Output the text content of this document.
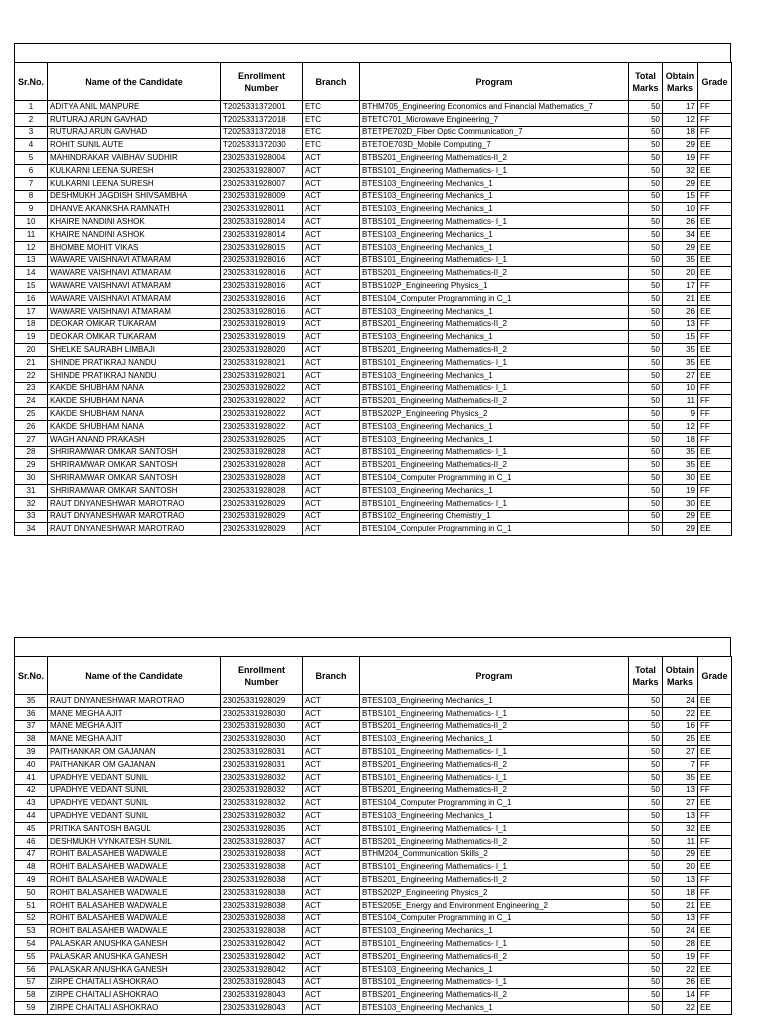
Sr.No.	Name of the Candidate	Enrollment Number	Branch	Program	Total Marks	Obtain Marks	Grade
1	ADITYA ANIL MANPURE	T2025331372001	ETC	BTHM705_Engineering Economics and Financial Mathematics_7	50	17	FF
2	RUTURAJ ARUN GAVHAD	T2025331372018	ETC	BTETC701_Microwave Engineering_7	50	12	FF
3	RUTURAJ ARUN GAVHAD	T2025331372018	ETC	BTETPE702D_Fiber Optic Communication_7	50	18	FF
4	ROHIT SUNIL AUTE	T2025331372030	ETC	BTETOE703D_Mobile Computing_7	50	29	EE
5	MAHINDRAKAR VAIBHAV SUDHIR	23025331928004	ACT	BTBS201_Engineering Mathematics-II_2	50	19	FF
6	KULKARNI LEENA SURESH	23025331928007	ACT	BTBS101_Engineering Mathematics- I_1	50	32	EE
7	KULKARNI LEENA SURESH	23025331928007	ACT	BTES103_Engineering Mechanics_1	50	29	EE
8	DESHMUKH JAGDISH SHIVSAMBHA	23025331928009	ACT	BTES103_Engineering Mechanics_1	50	15	FF
9	DHANVE AKANKSHA RAMNATH	23025331928011	ACT	BTES103_Engineering Mechanics_1	50	10	FF
10	KHAIRE NANDINI ASHOK	23025331928014	ACT	BTBS101_Engineering Mathematics- I_1	50	26	EE
11	KHAIRE NANDINI ASHOK	23025331928014	ACT	BTES103_Engineering Mechanics_1	50	34	EE
12	BHOMBE MOHIT VIKAS	23025331928015	ACT	BTES103_Engineering Mechanics_1	50	29	EE
13	WAWARE VAISHNAVI ATMARAM	23025331928016	ACT	BTBS101_Engineering Mathematics- I_1	50	35	EE
14	WAWARE VAISHNAVI ATMARAM	23025331928016	ACT	BTBS201_Engineering Mathematics-II_2	50	20	EE
15	WAWARE VAISHNAVI ATMARAM	23025331928016	ACT	BTBS102P_Engineering Physics_1	50	17	FF
16	WAWARE VAISHNAVI ATMARAM	23025331928016	ACT	BTES104_Computer Programming in C_1	50	21	EE
17	WAWARE VAISHNAVI ATMARAM	23025331928016	ACT	BTES103_Engineering Mechanics_1	50	26	EE
18	DEOKAR OMKAR TUKARAM	23025331928019	ACT	BTBS201_Engineering Mathematics-II_2	50	13	FF
19	DEOKAR OMKAR TUKARAM	23025331928019	ACT	BTES103_Engineering Mechanics_1	50	15	FF
20	SHELKE SAURABH LIMBAJI	23025331928020	ACT	BTBS201_Engineering Mathematics-II_2	50	35	EE
21	SHINDE PRATIKRAJ NANDU	23025331928021	ACT	BTBS101_Engineering Mathematics- I_1	50	35	EE
22	SHINDE PRATIKRAJ NANDU	23025331928021	ACT	BTES103_Engineering Mechanics_1	50	27	EE
23	KAKDE SHUBHAM NANA	23025331928022	ACT	BTBS101_Engineering Mathematics- I_1	50	10	FF
24	KAKDE SHUBHAM NANA	23025331928022	ACT	BTBS201_Engineering Mathematics-II_2	50	11	FF
25	KAKDE SHUBHAM NANA	23025331928022	ACT	BTBS202P_Engineering Physics_2	50	9	FF
26	KAKDE SHUBHAM NANA	23025331928022	ACT	BTES103_Engineering Mechanics_1	50	12	FF
27	WAGH ANAND PRAKASH	23025331928025	ACT	BTES103_Engineering Mechanics_1	50	18	FF
28	SHRIRAMWAR OMKAR SANTOSH	23025331928028	ACT	BTBS101_Engineering Mathematics- I_1	50	35	EE
29	SHRIRAMWAR OMKAR SANTOSH	23025331928028	ACT	BTBS201_Engineering Mathematics-II_2	50	35	EE
30	SHRIRAMWAR OMKAR SANTOSH	23025331928028	ACT	BTES104_Computer Programming in C_1	50	30	EE
31	SHRIRAMWAR OMKAR SANTOSH	23025331928028	ACT	BTES103_Engineering Mechanics_1	50	19	FF
32	RAUT DNYANESHWAR MAROTRAO	23025331928029	ACT	BTBS101_Engineering Mathematics- I_1	50	30	EE
33	RAUT DNYANESHWAR MAROTRAO	23025331928029	ACT	BTBS102_Engineering Chemistry_1	50	29	EE
34	RAUT DNYANESHWAR MAROTRAO	23025331928029	ACT	BTES104_Computer Programming in C_1	50	29	EE
Sr.No.	Name of the Candidate	Enrollment Number	Branch	Program	Total Marks	Obtain Marks	Grade
35	RAUT DNYANESHWAR MAROTRAO	23025331928029	ACT	BTES103_Engineering Mechanics_1	50	24	EE
36	MANE MEGHA AJIT	23025331928030	ACT	BTBS101_Engineering Mathematics- I_1	50	22	EE
37	MANE MEGHA AJIT	23025331928030	ACT	BTBS201_Engineering Mathematics-II_2	50	16	FF
38	MANE MEGHA AJIT	23025331928030	ACT	BTES103_Engineering Mechanics_1	50	25	EE
39	PAITHANKAR OM GAJANAN	23025331928031	ACT	BTBS101_Engineering Mathematics- I_1	50	27	EE
40	PAITHANKAR OM GAJANAN	23025331928031	ACT	BTBS201_Engineering Mathematics-II_2	50	7	FF
41	UPADHYE VEDANT SUNIL	23025331928032	ACT	BTBS101_Engineering Mathematics- I_1	50	35	EE
42	UPADHYE VEDANT SUNIL	23025331928032	ACT	BTBS201_Engineering Mathematics-II_2	50	13	FF
43	UPADHYE VEDANT SUNIL	23025331928032	ACT	BTES104_Computer Programming in C_1	50	27	EE
44	UPADHYE VEDANT SUNIL	23025331928032	ACT	BTES103_Engineering Mechanics_1	50	13	FF
45	PRITIKA SANTOSH BAGUL	23025331928035	ACT	BTBS101_Engineering Mathematics- I_1	50	32	EE
46	DESHMUKH VYNKATESH SUNIL	23025331928037	ACT	BTBS201_Engineering Mathematics-II_2	50	11	FF
47	ROHIT BALASAHEB WADWALE	23025331928038	ACT	BTHM204_Communication Skills_2	50	29	EE
48	ROHIT BALASAHEB WADWALE	23025331928038	ACT	BTBS101_Engineering Mathematics- I_1	50	20	EE
49	ROHIT BALASAHEB WADWALE	23025331928038	ACT	BTBS201_Engineering Mathematics-II_2	50	13	FF
50	ROHIT BALASAHEB WADWALE	23025331928038	ACT	BTBS202P_Engineering Physics_2	50	18	FF
51	ROHIT BALASAHEB WADWALE	23025331928038	ACT	BTES205E_Energy and Environment Engineering_2	50	21	EE
52	ROHIT BALASAHEB WADWALE	23025331928038	ACT	BTES104_Computer Programming in C_1	50	13	FF
53	ROHIT BALASAHEB WADWALE	23025331928038	ACT	BTES103_Engineering Mechanics_1	50	24	EE
54	PALASKAR ANUSHKA GANESH	23025331928042	ACT	BTBS101_Engineering Mathematics- I_1	50	28	EE
55	PALASKAR ANUSHKA GANESH	23025331928042	ACT	BTBS201_Engineering Mathematics-II_2	50	19	FF
56	PALASKAR ANUSHKA GANESH	23025331928042	ACT	BTES103_Engineering Mechanics_1	50	22	EE
57	ZIRPE CHAITALI ASHOKRAO	23025331928043	ACT	BTBS101_Engineering Mathematics- I_1	50	26	EE
58	ZIRPE CHAITALI ASHOKRAO	23025331928043	ACT	BTBS201_Engineering Mathematics-II_2	50	14	FF
59	ZIRPE CHAITALI ASHOKRAO	23025331928043	ACT	BTES103_Engineering Mechanics_1	50	22	EE
